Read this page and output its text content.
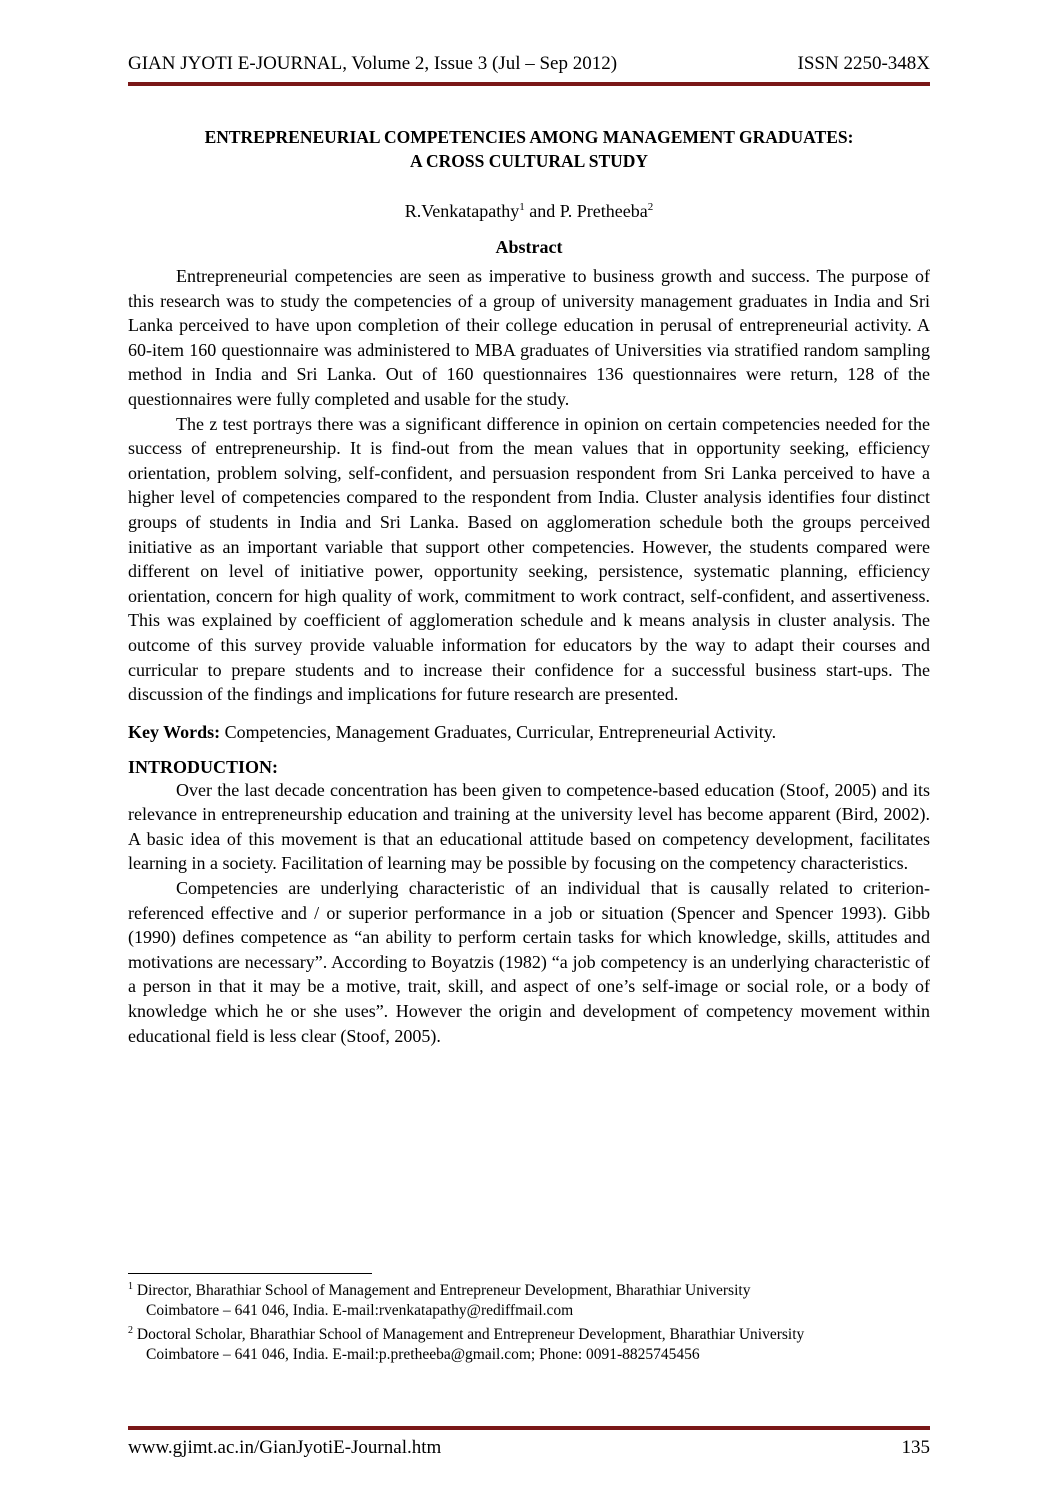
GIAN JYOTI E-JOURNAL, Volume 2, Issue 3 (Jul – Sep 2012)	ISSN 2250-348X
ENTREPRENEURIAL COMPETENCIES AMONG MANAGEMENT GRADUATES:
A CROSS CULTURAL STUDY
R.Venkatapathy$^1$ and P. Pretheeba$^2$
Abstract

Entrepreneurial competencies are seen as imperative to business growth and success. The purpose of this research was to study the competencies of a group of university management graduates in India and Sri Lanka perceived to have upon completion of their college education in perusal of entrepreneurial activity. A 60-item 160 questionnaire was administered to MBA graduates of Universities via stratified random sampling method in India and Sri Lanka. Out of 160 questionnaires 136 questionnaires were return, 128 of the questionnaires were fully completed and usable for the study.

The z test portrays there was a significant difference in opinion on certain competencies needed for the success of entrepreneurship. It is find-out from the mean values that in opportunity seeking, efficiency orientation, problem solving, self-confident, and persuasion respondent from Sri Lanka perceived to have a higher level of competencies compared to the respondent from India. Cluster analysis identifies four distinct groups of students in India and Sri Lanka. Based on agglomeration schedule both the groups perceived initiative as an important variable that support other competencies. However, the students compared were different on level of initiative power, opportunity seeking, persistence, systematic planning, efficiency orientation, concern for high quality of work, commitment to work contract, self-confident, and assertiveness. This was explained by coefficient of agglomeration schedule and k means analysis in cluster analysis. The outcome of this survey provide valuable information for educators by the way to adapt their courses and curricular to prepare students and to increase their confidence for a successful business start-ups. The discussion of the findings and implications for future research are presented.

Key Words: Competencies, Management Graduates, Curricular, Entrepreneurial Activity.
INTRODUCTION:

Over the last decade concentration has been given to competence-based education (Stoof, 2005) and its relevance in entrepreneurship education and training at the university level has become apparent (Bird, 2002). A basic idea of this movement is that an educational attitude based on competency development, facilitates learning in a society. Facilitation of learning may be possible by focusing on the competency characteristics.

Competencies are underlying characteristic of an individual that is causally related to criterion-referenced effective and / or superior performance in a job or situation (Spencer and Spencer 1993). Gibb (1990) defines competence as “an ability to perform certain tasks for which knowledge, skills, attitudes and motivations are necessary”. According to Boyatzis (1982) “a job competency is an underlying characteristic of a person in that it may be a motive, trait, skill, and aspect of one’s self-image or social role, or a body of knowledge which he or she uses”. However the origin and development of competency movement within educational field is less clear (Stoof, 2005).

$^1$ Director, Bharathiar School of Management and Entrepreneur Development, Bharathiar University
Coimbatore – 641 046, India. E-mail:rvenkatapathy@rediffmail.com
$^2$ Doctoral Scholar, Bharathiar School of Management and Entrepreneur Development, Bharathiar University
Coimbatore – 641 046, India. E-mail:p.pretheeba@gmail.com; Phone: 0091-8825745456
www.gjimt.ac.in/GianJyotiE-Journal.htm	135
